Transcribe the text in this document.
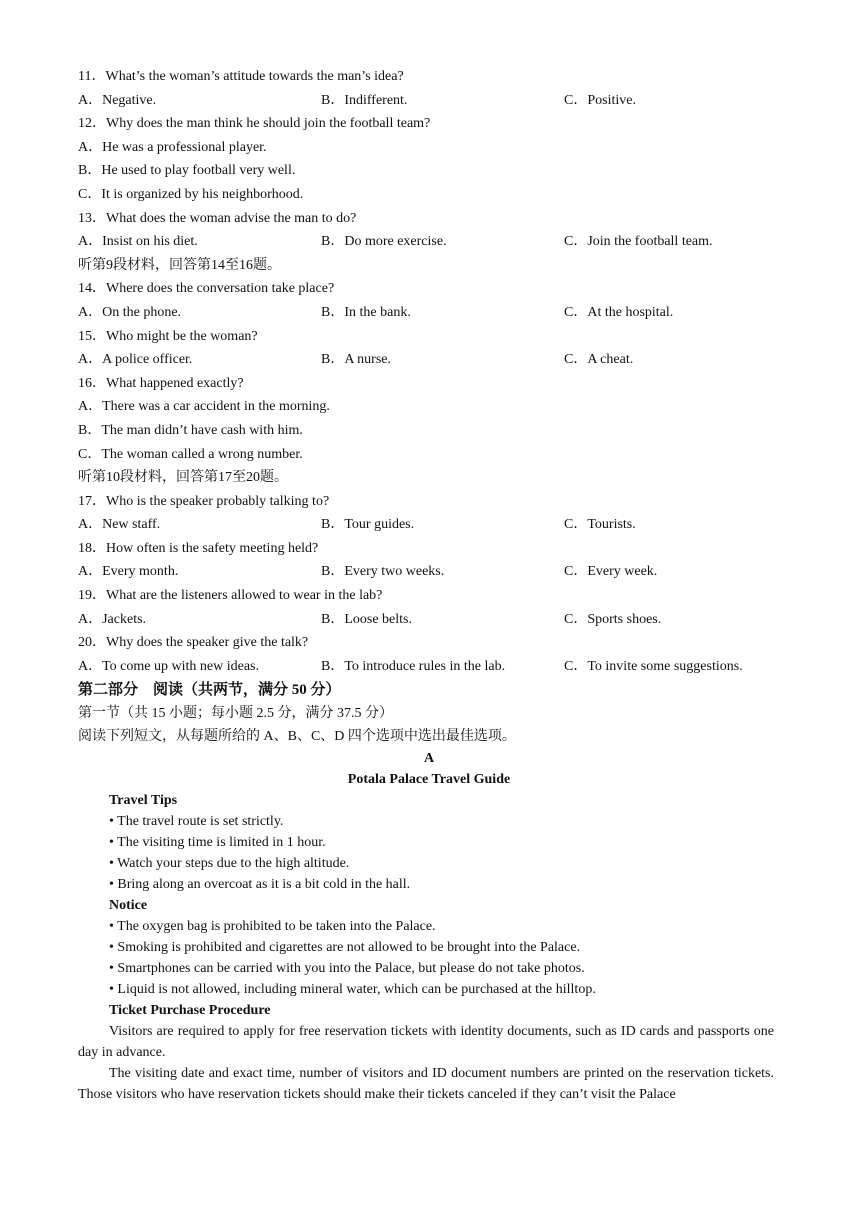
11．What’s the woman’s attitude towards the man’s idea?
A．Negative.	B．Indifferent.	C．Positive.
12．Why does the man think he should join the football team?
A．He was a professional player.
B．He used to play football very well.
C．It is organized by his neighborhood.
13．What does the woman advise the man to do?
A．Insist on his diet.	B．Do more exercise.	C．Join the football team.
听第9段材料，回答第14至16题。
14．Where does the conversation take place?
A．On the phone.	B．In the bank.	C．At the hospital.
15．Who might be the woman?
A．A police officer.	B．A nurse.	C．A cheat.
16．What happened exactly?
A．There was a car accident in the morning.
B．The man didn’t have cash with him.
C．The woman called a wrong number.
听第10段材料，回答第17至20题。
17．Who is the speaker probably talking to?
A．New staff.	B．Tour guides.	C．Tourists.
18．How often is the safety meeting held?
A．Every month.	B．Every two weeks.	C．Every week.
19．What are the listeners allowed to wear in the lab?
A．Jackets.	B．Loose belts.	C．Sports shoes.
20．Why does the speaker give the talk?
A．To come up with new ideas.	B．To introduce rules in the lab.	C．To invite some suggestions.
第二部分　阅读（共两节，满分 50 分）
第一节（共 15 小题；每小题 2.5 分，满分 37.5 分）
阅读下列短文，从每题所给的 A、B、C、D 四个选项中选出最佳选项。
A
Potala Palace Travel Guide
Travel Tips
• The travel route is set strictly.
• The visiting time is limited in 1 hour.
• Watch your steps due to the high altitude.
• Bring along an overcoat as it is a bit cold in the hall.
Notice
• The oxygen bag is prohibited to be taken into the Palace.
• Smoking is prohibited and cigarettes are not allowed to be brought into the Palace.
• Smartphones can be carried with you into the Palace, but please do not take photos.
• Liquid is not allowed, including mineral water, which can be purchased at the hilltop.
Ticket Purchase Procedure

Visitors are required to apply for free reservation tickets with identity documents, such as ID cards and passports one day in advance.

The visiting date and exact time, number of visitors and ID document numbers are printed on the reservation tickets. Those visitors who have reservation tickets should make their tickets canceled if they can’t visit the Palace
